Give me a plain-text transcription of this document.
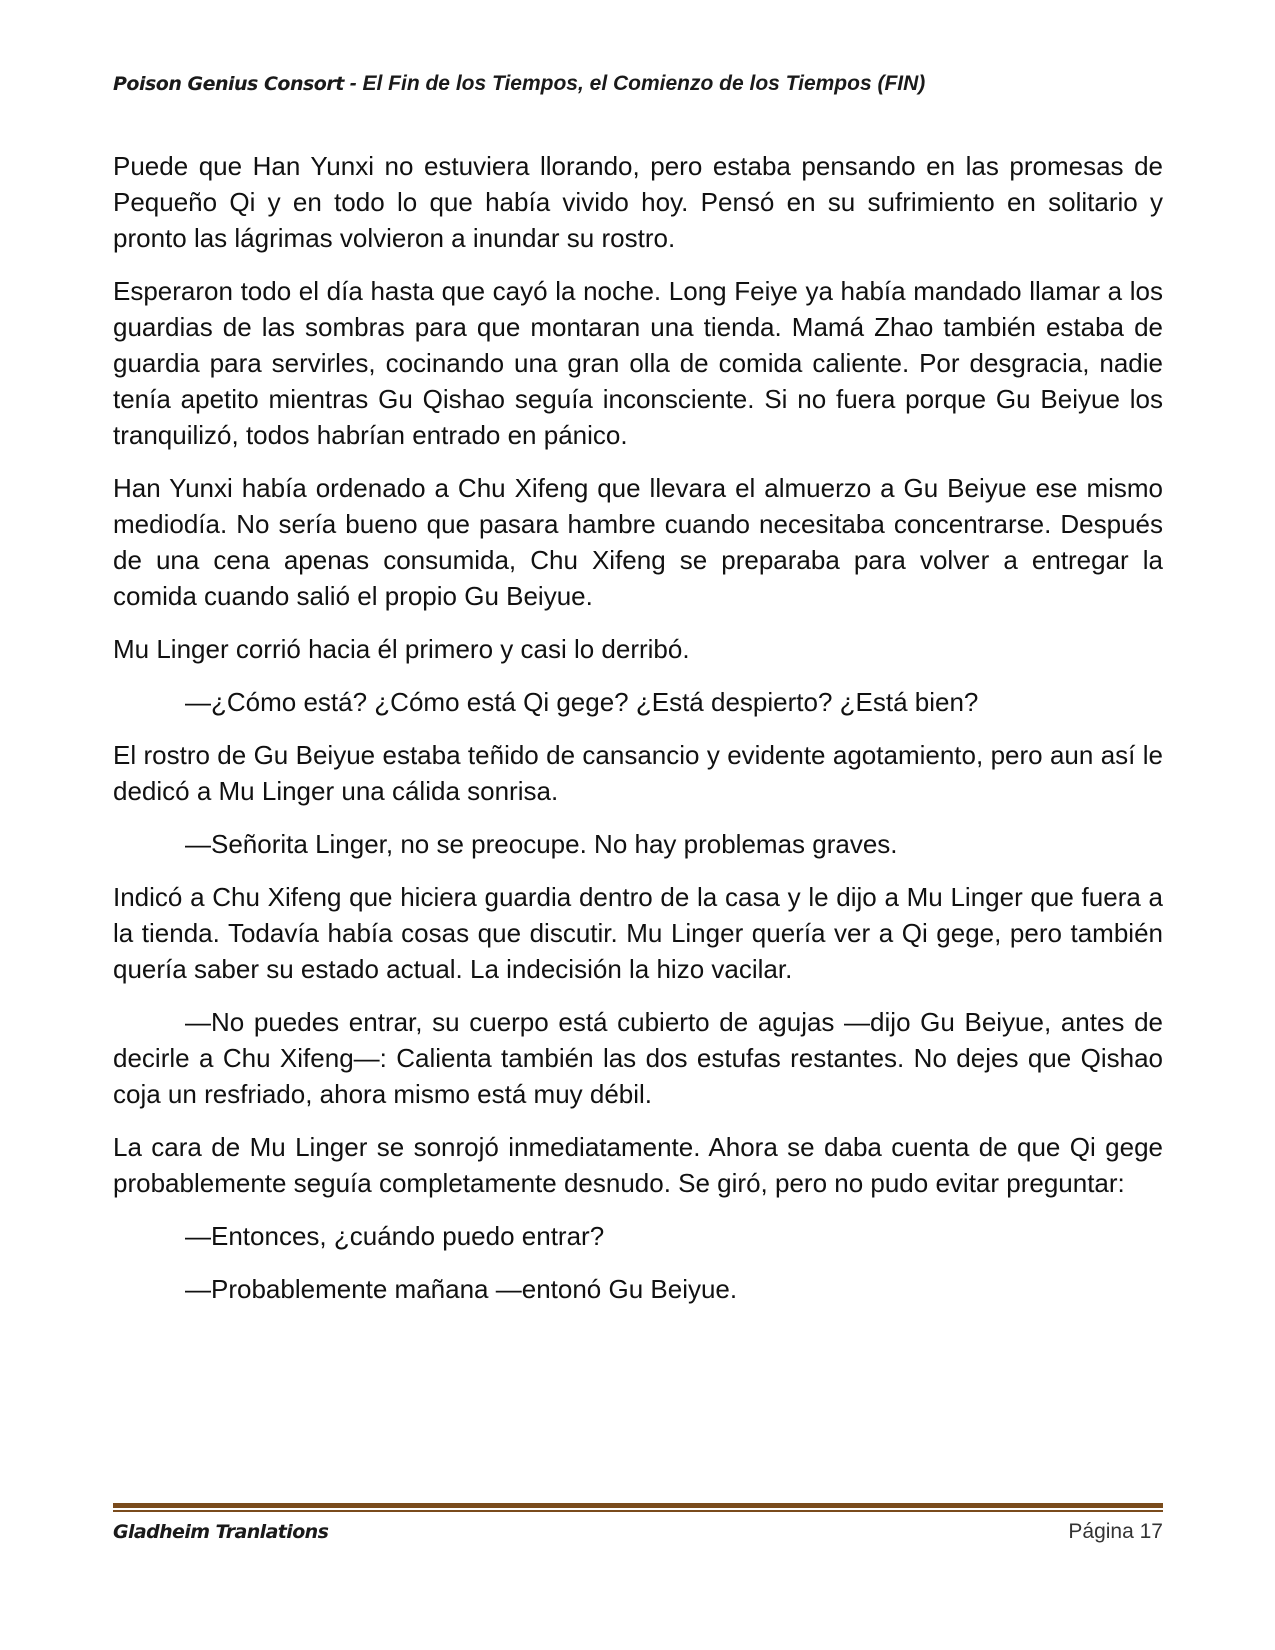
Poison Genius Consort - El Fin de los Tiempos, el Comienzo de los Tiempos (FIN)

Puede que Han Yunxi no estuviera llorando, pero estaba pensando en las promesas de Pequeño Qi y en todo lo que había vivido hoy. Pensó en su sufrimiento en solitario y pronto las lágrimas volvieron a inundar su rostro.

Esperaron todo el día hasta que cayó la noche. Long Feiye ya había mandado llamar a los guardias de las sombras para que montaran una tienda. Mamá Zhao también estaba de guardia para servirles, cocinando una gran olla de comida caliente. Por desgracia, nadie tenía apetito mientras Gu Qishao seguía inconsciente. Si no fuera porque Gu Beiyue los tranquilizó, todos habrían entrado en pánico.

Han Yunxi había ordenado a Chu Xifeng que llevara el almuerzo a Gu Beiyue ese mismo mediodía. No sería bueno que pasara hambre cuando necesitaba concentrarse. Después de una cena apenas consumida, Chu Xifeng se preparaba para volver a entregar la comida cuando salió el propio Gu Beiyue.

Mu Linger corrió hacia él primero y casi lo derribó.

—¿Cómo está? ¿Cómo está Qi gege? ¿Está despierto? ¿Está bien?

El rostro de Gu Beiyue estaba teñido de cansancio y evidente agotamiento, pero aun así le dedicó a Mu Linger una cálida sonrisa.

—Señorita Linger, no se preocupe. No hay problemas graves.

Indicó a Chu Xifeng que hiciera guardia dentro de la casa y le dijo a Mu Linger que fuera a la tienda. Todavía había cosas que discutir. Mu Linger quería ver a Qi gege, pero también quería saber su estado actual. La indecisión la hizo vacilar.

—No puedes entrar, su cuerpo está cubierto de agujas —dijo Gu Beiyue, antes de decirle a Chu Xifeng—: Calienta también las dos estufas restantes. No dejes que Qishao coja un resfriado, ahora mismo está muy débil.

La cara de Mu Linger se sonrojó inmediatamente. Ahora se daba cuenta de que Qi gege probablemente seguía completamente desnudo. Se giró, pero no pudo evitar preguntar:

—Entonces, ¿cuándo puedo entrar?

—Probablemente mañana —entonó Gu Beiyue.

Gladheim Tranlations	Página 17
